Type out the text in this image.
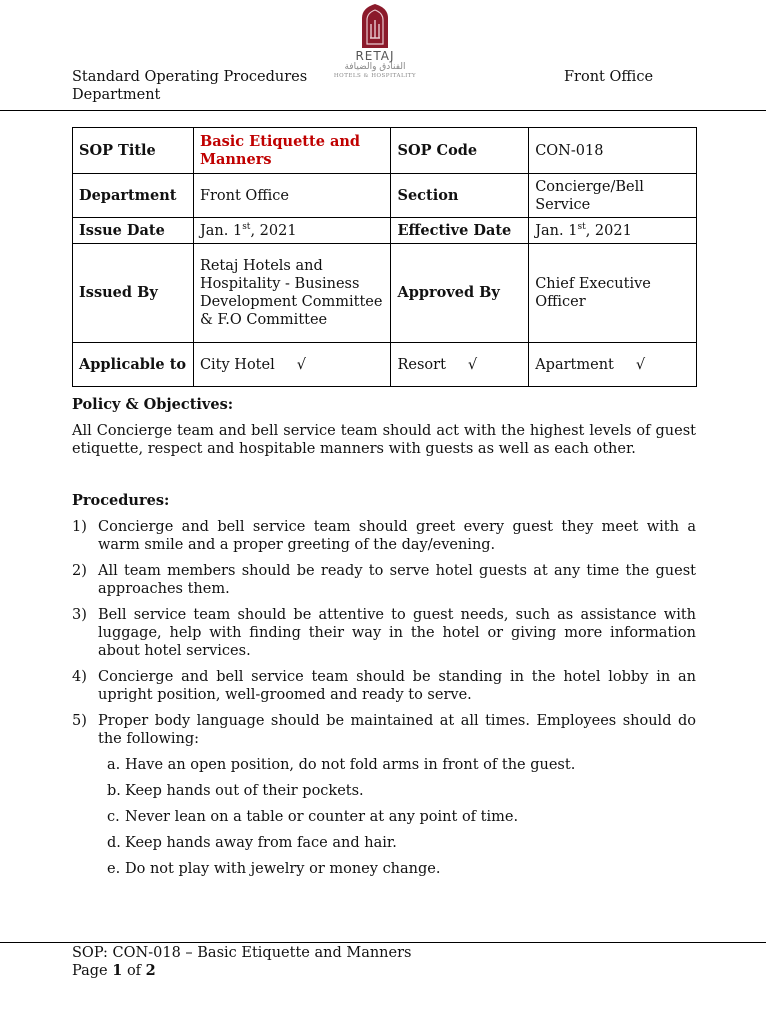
Standard Operating Procedures
Department
RETAJ
الفنادق والضيافة
HOTELS & HOSPITALITY	Front Office
SOP Title	Basic Etiquette and Manners	SOP Code	CON-018
Department	Front Office	Section	Concierge/Bell Service
Issue Date	Jan. 1st, 2021	Effective Date	Jan. 1st, 2021
Issued By	Retaj Hotels and Hospitality - Business Development Committee & F.O Committee	Approved By	Chief Executive Officer
Applicable to	City Hotel √	Resort √	Apartment √

Policy & Objectives:

All Concierge team and bell service team should act with the highest levels of guest etiquette, respect and hospitable manners with guests as well as each other.

Procedures:

1) Concierge and bell service team should greet every guest they meet with a warm smile and a proper greeting of the day/evening.
2) All team members should be ready to serve hotel guests at any time the guest approaches them.
3) Bell service team should be attentive to guest needs, such as assistance with luggage, help with finding their way in the hotel or giving more information about hotel services.
4) Concierge and bell service team should be standing in the hotel lobby in an upright position, well-groomed and ready to serve.
5) Proper body language should be maintained at all times. Employees should do the following:
a. Have an open position, do not fold arms in front of the guest.
b. Keep hands out of their pockets.
c. Never lean on a table or counter at any point of time.
d. Keep hands away from face and hair.
e. Do not play with jewelry or money change.
SOP: CON-018 – Basic Etiquette and Manners
Page 1 of 2
